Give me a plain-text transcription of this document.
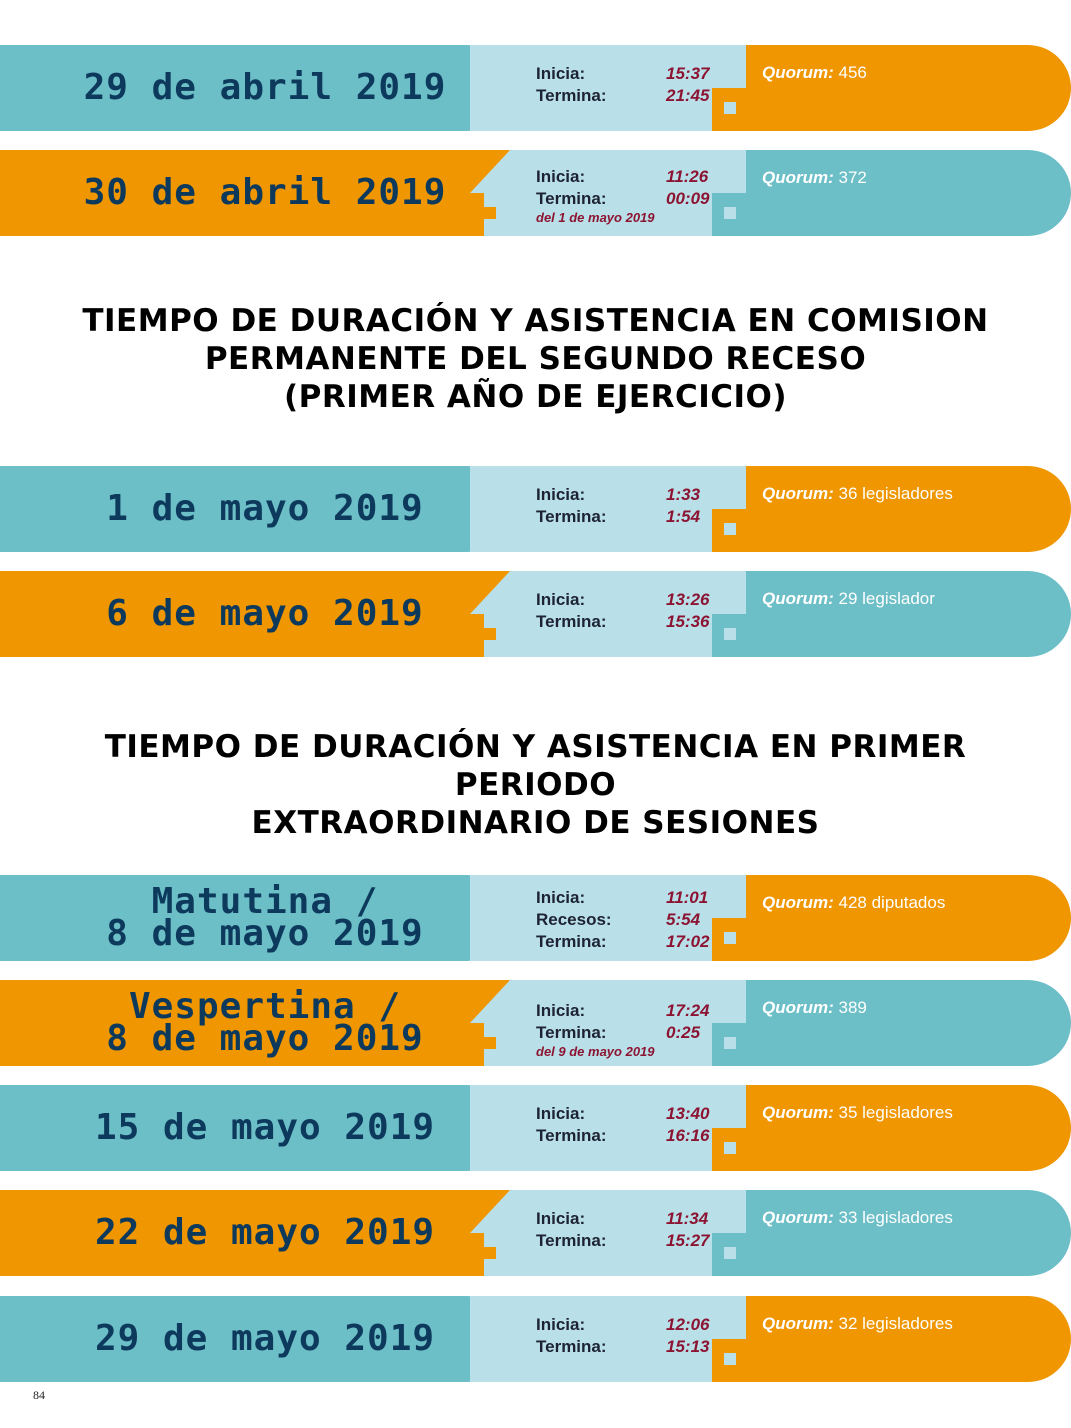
29 de abril 2019	Inicia:	15:37
Termina:	21:45
Quorum: 456
30 de abril 2019	Inicia:	11:26
Termina:	00:09
del 1 de mayo 2019
Quorum: 372
TIEMPO DE DURACIÓN Y ASISTENCIA EN COMISION
PERMANENTE DEL SEGUNDO RECESO
(PRIMER AÑO DE EJERCICIO)
1 de mayo 2019	Inicia:	1:33
Termina:	1:54
Quorum: 36 legisladores
6 de mayo 2019	Inicia:	13:26
Termina:	15:36
Quorum: 29 legislador
TIEMPO DE DURACIÓN Y ASISTENCIA EN PRIMER PERIODO
EXTRAORDINARIO DE SESIONES
Matutina /
8 de mayo 2019
Inicia:	11:01
Recesos:	5:54
Termina:	17:02
Quorum: 428 diputados
Vespertina /
8 de mayo 2019
Inicia:	17:24
Termina:	0:25
del 9 de mayo 2019
Quorum: 389
15 de mayo 2019	Inicia:	13:40
Termina:	16:16
Quorum: 35 legisladores
22 de mayo 2019	Inicia:	11:34
Termina:	15:27
Quorum: 33 legisladores
29 de mayo 2019	Inicia:	12:06
Termina:	15:13
Quorum: 32 legisladores
84
